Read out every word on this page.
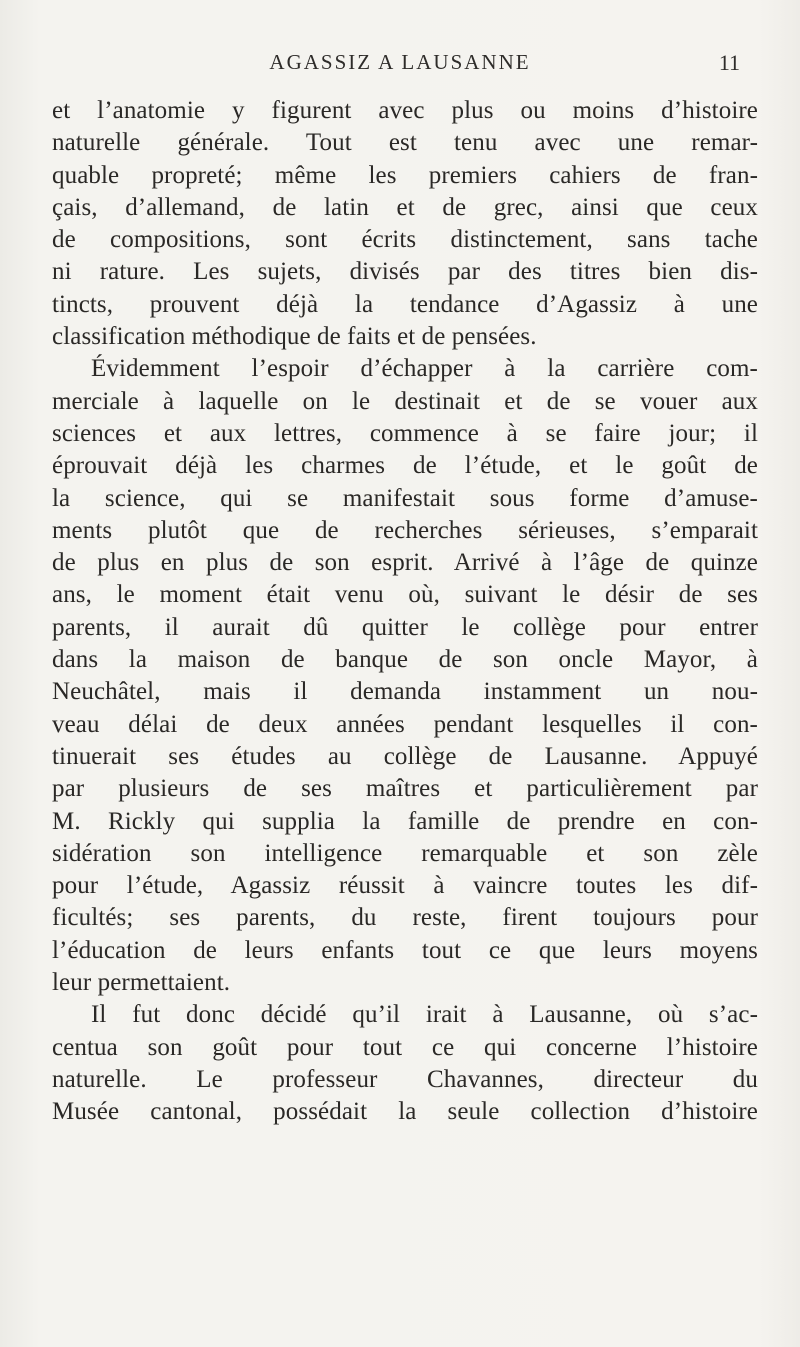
AGASSIZ A LAUSANNE	11
et l’anatomie y figurent avec plus ou moins d’histoire
naturelle générale. Tout est tenu avec une remar-
quable propreté; même les premiers cahiers de fran-
çais, d’allemand, de latin et de grec, ainsi que ceux
de compositions, sont écrits distinctement, sans tache
ni rature. Les sujets, divisés par des titres bien dis-
tincts, prouvent déjà la tendance d’Agassiz à une
classification méthodique de faits et de pensées.
Évidemment l’espoir d’échapper à la carrière com-
merciale à laquelle on le destinait et de se vouer aux
sciences et aux lettres, commence à se faire jour; il
éprouvait déjà les charmes de l’étude, et le goût de
la science, qui se manifestait sous forme d’amuse-
ments plutôt que de recherches sérieuses, s’emparait
de plus en plus de son esprit. Arrivé à l’âge de quinze
ans, le moment était venu où, suivant le désir de ses
parents, il aurait dû quitter le collège pour entrer
dans la maison de banque de son oncle Mayor, à
Neuchâtel, mais il demanda instamment un nou-
veau délai de deux années pendant lesquelles il con-
tinuerait ses études au collège de Lausanne. Appuyé
par plusieurs de ses maîtres et particulièrement par
M. Rickly qui supplia la famille de prendre en con-
sidération son intelligence remarquable et son zèle
pour l’étude, Agassiz réussit à vaincre toutes les dif-
ficultés; ses parents, du reste, firent toujours pour
l’éducation de leurs enfants tout ce que leurs moyens
leur permettaient.
Il fut donc décidé qu’il irait à Lausanne, où s’ac-
centua son goût pour tout ce qui concerne l’histoire
naturelle. Le professeur Chavannes, directeur du
Musée cantonal, possédait la seule collection d’histoire
